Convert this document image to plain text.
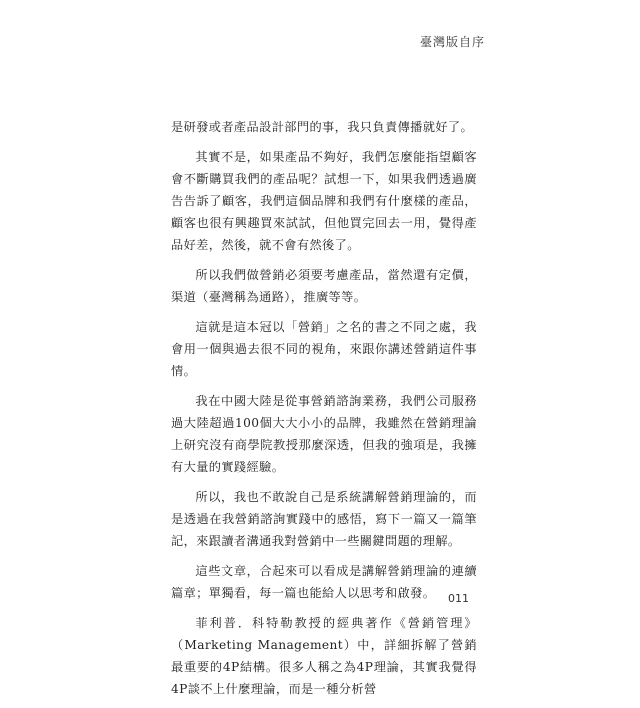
臺灣版自序

是研發或者產品設計部門的事，我只負責傳播就好了。

其實不是，如果產品不夠好，我們怎麼能指望顧客會不斷購買我們的產品呢？試想一下，如果我們透過廣告告訴了顧客，我們這個品牌和我們有什麼樣的產品，顧客也很有興趣買來試試，但他買完回去一用，覺得產品好差，然後，就不會有然後了。

所以我們做營銷必須要考慮產品，當然還有定價，渠道（臺灣稱為通路），推廣等等。

這就是這本冠以「營銷」之名的書之不同之處，我會用一個與過去很不同的視角，來跟你講述營銷這件事情。

我在中國大陸是從事營銷諮詢業務，我們公司服務過大陸超過100個大大小小的品牌，我雖然在營銷理論上研究沒有商學院教授那麼深透，但我的強項是，我擁有大量的實踐經驗。

所以，我也不敢說自己是系統講解營銷理論的，而是透過在我營銷諮詢實踐中的感悟，寫下一篇又一篇筆記，來跟讀者溝通我對營銷中一些關鍵問題的理解。

這些文章，合起來可以看成是講解營銷理論的連續篇章；單獨看，每一篇也能給人以思考和啟發。

菲利普．科特勒教授的經典著作《營銷管理》（Marketing Management）中，詳細拆解了營銷最重要的4P結構。很多人稱之為4P理論，其實我覺得4P談不上什麼理論，而是一種分析營

011
